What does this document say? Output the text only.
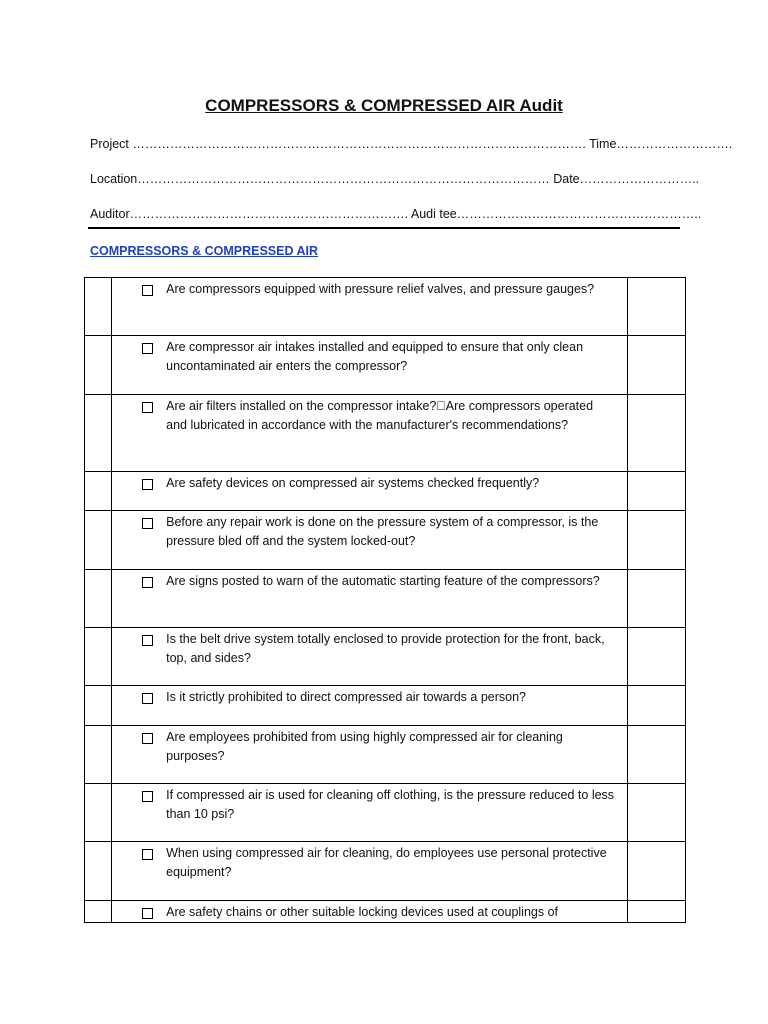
COMPRESSORS & COMPRESSED AIR Audit
Project ………………………………………………………………………………………………. Time……………………….
Location……………………………………………………………………………………… Date………………………..
Auditor…………………………………………………………. Audi tee…………………………………………………..
COMPRESSORS & COMPRESSED AIR

	Are compressors equipped with pressure relief valves, and pressure gauges?	

	Are compressor air intakes installed and equipped to ensure that only clean uncontaminated air enters the compressor?	

	Are air filters installed on the compressor intake? Are compressors operated and lubricated in accordance with the manufacturer's recommendations?	

	Are safety devices on compressed air systems checked frequently?	

	Before any repair work is done on the pressure system of a compressor, is the pressure bled off and the system locked-out?	

	Are signs posted to warn of the automatic starting feature of the compressors?	

	Is the belt drive system totally enclosed to provide protection for the front, back, top, and sides?	

	Is it strictly prohibited to direct compressed air towards a person?	

	Are employees prohibited from using highly compressed air for cleaning purposes?	

	If compressed air is used for cleaning off clothing, is the pressure reduced to less than 10 psi?	

	When using compressed air for cleaning, do employees use personal protective equipment?	

	Are safety chains or other suitable locking devices used at couplings of	
